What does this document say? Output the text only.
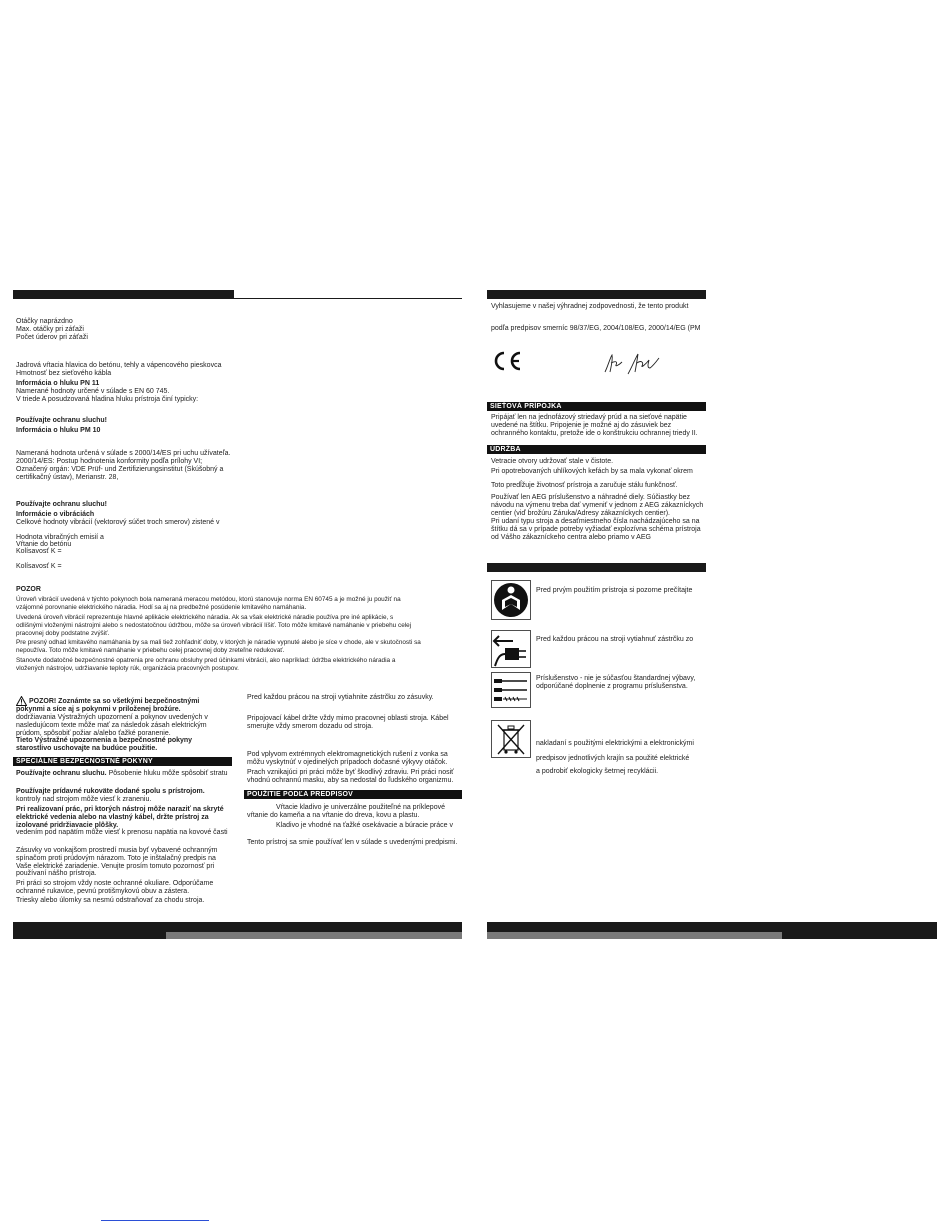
Otáčky naprázdno
Max. otáčky pri záťaži
Počet úderov pri záťaži
Jadrová vŕtacia hlavica do betónu, tehly a vápencového pieskovca
Hmotnosť bez sieťového kábla
Informácia o hluku PN 11
Namerané hodnoty určené v súlade s EN 60 745.
V triede A posudzovaná hladina hluku prístroja činí typicky:
Používajte ochranu sluchu!
Informácia o hluku PM 10
Nameraná hodnota určená v súlade s 2000/14/ES pri uchu užívateľa.
2000/14/ES: Postup hodnotenia konformity podľa prílohy VI;
Označený orgán: VDE Prüf- und Zertifizierungsinstitut (Skúšobný a
certifikačný ústav), Merianstr. 28,
Používajte ochranu sluchu!
Informácie o vibráciách
Celkové hodnoty vibrácií (vektorový súčet troch smerov) zistené v
Hodnota vibračných emisií a
Vŕtanie do betónu
Kolísavosť K =
Kolísavosť K =
POZOR
Úroveň vibrácií uvedená v týchto pokynoch bola nameraná meracou metódou, ktorú stanovuje norma EN 60745 a je možné ju použiť na
vzájomné porovnanie elektrického náradia. Hodí sa aj na predbežné posúdenie kmitavého namáhania.
Uvedená úroveň vibrácií reprezentuje hlavné aplikácie elektrického náradia. Ak sa však elektrické náradie používa pre iné aplikácie, s
odlišnými vloženými nástrojmi alebo s nedostatočnou údržbou, môže sa úroveň vibrácií líšiť. Toto môže kmitavé namáhanie v priebehu celej
pracovnej doby podstatne zvýšiť.
Pre presný odhad kmitavého namáhania by sa mali tiež zohľadniť doby, v ktorých je náradie vypnuté alebo je síce v chode, ale v skutočnosti sa
nepoužíva. Toto môže kmitavé namáhanie v priebehu celej pracovnej doby zreteľne redukovať.
Stanovte dodatočné bezpečnostné opatrenia pre ochranu obsluhy pred účinkami vibrácií, ako napríklad: údržba elektrického náradia a
vložených nástrojov, udržiavanie teploty rúk, organizácia pracovných postupov.
POZOR! Zoznámte sa so všetkými bezpečnostnými
pokynmi a síce aj s pokynmi v priloženej brožúre.
dodržiavania Výstražných upozornení a pokynov uvedených v
nasledujúcom texte môže mať za následok zásah elektrickým
prúdom, spôsobiť požiar a/alebo ťažké poranenie.
Tieto Výstražné upozornenia a bezpečnostné pokyny
starostlivo uschovajte na budúce použitie.
ŠPECIÁLNE BEZPEČNOSTNÉ POKYNY
Používajte ochranu sluchu. Pôsobenie hluku môže spôsobiť stratu
Používajte prídavné rukoväte dodané spolu s prístrojom.
kontroly nad strojom môže viesť k zraneniu.
Pri realizovaní prác, pri ktorých nástroj môže naraziť na skryté
elektrické vedenia alebo na vlastný kábel, držte prístroj za
izolované pridržiavacie plôšky.
vedením pod napätím môže viesť k prenosu napätia na kovové časti
Zásuvky vo vonkajšom prostredí musia byť vybavené ochranným
spínačom proti prúdovým nárazom. Toto je inštalačný predpis na
Vaše elektrické zariadenie. Venujte prosím tomuto pozornosť pri
používaní nášho prístroja.
Pri práci so strojom vždy noste ochranné okuliare. Odporúčame
ochranné rukavice, pevnú protišmykovú obuv a zástera.
Triesky alebo úlomky sa nesmú odstraňovať za chodu stroja.
Pred každou prácou na stroji vytiahnite zástrčku zo zásuvky.
Pripojovací kábel držte vždy mimo pracovnej oblasti stroja. Kábel
smerujte vždy smerom dozadu od stroja.
Pod vplyvom extrémnych elektromagnetických rušení z vonka sa
môžu vyskytnúť v ojedinelých prípadoch dočasné výkyvy otáčok.
Prach vznikajúci pri práci môže byť škodlivý zdraviu. Pri práci nosiť
vhodnú ochrannú masku, aby sa nedostal do ľudského organizmu.
POUŽITIE PODĽA PREDPISOV
Vŕtacie kladivo je univerzálne použiteľné na príklepové
vŕtanie do kameňa a na vŕtanie do dreva, kovu a plastu.
Kladivo je vhodné na ťažké osekávacie a búracie práce v
Tento prístroj sa smie používať len v súlade s uvedenými predpismi.
Vyhlasujeme v našej výhradnej zodpovednosti, že tento produkt
podľa predpisov smerníc 98/37/EG, 2004/108/EG, 2000/14/EG (PM
SIEŤOVÁ PRÍPOJKA
Pripájať len na jednofázový striedavý prúd a na sieťové napätie
uvedené na štítku. Pripojenie je možné aj do zásuviek bez
ochranného kontaktu, pretože ide o konštrukciu ochrannej triedy II.
ÚDRŽBA
Vetracie otvory udržovať stale v čistote.
Pri opotrebovaných uhlíkových kefách by sa mala vykonať okrem
Toto predĺžuje životnosť prístroja a zaručuje stálu funkčnosť.
Používať len AEG príslušenstvo a náhradné diely. Súčiastky bez
návodu na výmenu treba dať vymeniť v jednom z AEG zákazníckych
centier (viď brožúru Záruka/Adresy zákazníckych centier).
Pri udaní typu stroja a desaťmiestneho čísla nachádzajúceho sa na
štítku dá sa v prípade potreby vyžiadať explozívna schéma prístroja
od Vášho zákazníckeho centra alebo priamo v AEG
Pred prvým použitím prístroja si pozorne prečítajte
Pred každou prácou na stroji vytiahnuť zástrčku zo
Príslušenstvo - nie je súčasťou štandardnej výbavy,
odporúčané doplnenie z programu príslušenstva.
nakladaní s použitými elektrickými a elektronickými
predpisov jednotlivých krajín sa použité elektrické
a podrobiť ekologicky šetrnej recyklácii.
